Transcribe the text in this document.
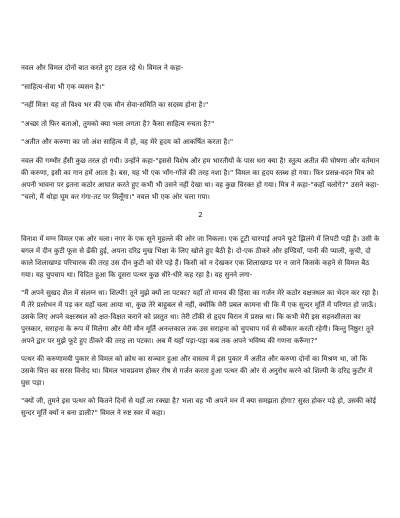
नवल और विमल दोनों बात करते हुए टहल रहे थे। विमल ने कहा-

"साहित्य-सेवा भी एक व्यसन है।"

"नहीं मित्र! यह तो विश्व भर की एक मौन सेवा-समिति का सदस्य होना है।"

"अच्छा तो फिर बताओ, तुमको क्या भला लगता है? कैसा साहित्य रुचता है?"

"अतीत और करुणा का जो अंश साहित्य में हो, वह मेरे हृदय को आकर्षित करता है।"

नवल की गम्भीर हँसी कुछ तरल हो गयी। उन्होंने कहा-"इससे विशेष और हम भारतीयों के पास धरा क्या है! स्तुत्य अतीत की घोषणा और वर्तमान की करुणा, इसी का गान हमें आता है। बस, यह भी एक भाँग-गाँजे की तरह नशा है।" विमल का हृदय स्तब्ध हो गया। फिर प्रसन्न-वदन मित्र को अपनी भावना पर इतना कठोर आघात करते हुए कभी भी उसने नहीं देखा था। वह कुछ विरक्त हो गया। मित्र ने कहा-"कहाँ चलोगे?" उसने कहा-"चलो, मैं थोड़ा घूम कर गंगा-तट पर मिलूँगा।" नवल भी एक ओर चला गया।

2

विनाश में मग्न विमल एक ओर चला। नगर के एक सूने मुहल्ले की ओर जा निकला। एक टूटी चारपाई अपने फूटे झिलंगे में लिपटी पड़ी है। उसी के बगल में दीन कुटी फूस से ढँकी हुई, अपना दरिद्र मुख भिक्षा के लिए खोले हुए बैठी है। दो-एक ठीकरे और हण्डियाँ, पानी की प्याली, कूची, दो काले शिलाखण्ड परिचारक की तरह उस दीन कुटी को घेरे पड़े हैं। किसी को न देखकर एक शिलाखण्ड पर न जाने किसके कहने से विमल बैठ गया। यह चुपचाप था। विदित हुआ कि दूसरा पत्थर कुछ धीरे-धीरे कह रहा है। वह सुनने लगा-

"मैं अपने सुखद शैल में संलग्न था। शिल्पी! तूने मुझे क्यों ला पटका? यहाँ तो मानव की हिंसा का गर्जन मेरे कठोर वक्षःस्थल का भेदन कर रहा है। मैं तेरे प्रलोभन में पड़ कर यहाँ चला आया था, कुछ तेरे बाहुबल से नहीं, क्योंकि मेरी प्रबल कामना थी कि मैं एक सुन्दर मूर्ति में परिणत हो जाऊँ। उसके लिए अपने वक्षःस्थल को क्षत-विक्षत कराने को प्रस्तुत था। तेरी टाँकी से हृदय विरान में प्रसन्न था। कि कभी मेरी इस सहनशीलता का पुरस्कार, सराहना के रूप में मिलेगा और मेरी मौन मूर्ति अनन्तकाल तक उस सराहना को चुपचाप गर्व से स्वीकार करती रहेगी। किन्तु निष्ठुर! तूने अपने द्वार पर मुझे फूटे हुए ठीकरे की तरह ला पटका। अब मैं यहाँ पड़ा-पड़ा कब तक अपने भविष्य की गणना करूँगा?"

पत्थर की करुणामयी पुकार से विमल को क्रोध का सञ्चार हुआ और वास्तव में इस पुकार में अतीत और करुणा दोनों का मिश्रण था, जो कि उसके चित्त का सरस विनोद था। विमल भावप्रवण होकर रोष से गर्जन करता हुआ पत्थर की ओर से अनुरोध करने को शिल्पी के दरिद्र कुटीर में घुस पड़ा।

"क्यों जी, तुमने इस पत्थर को कितने दिनों से यहाँ ला रक्खा है? भला वह भी अपने मन में क्या समझता होगा? सुस्त होकर पड़े हो, उसकी कोई सुन्दर मूर्ति क्यों न बना डाली?" विमल ने रुष्ट स्वर में कहा।
